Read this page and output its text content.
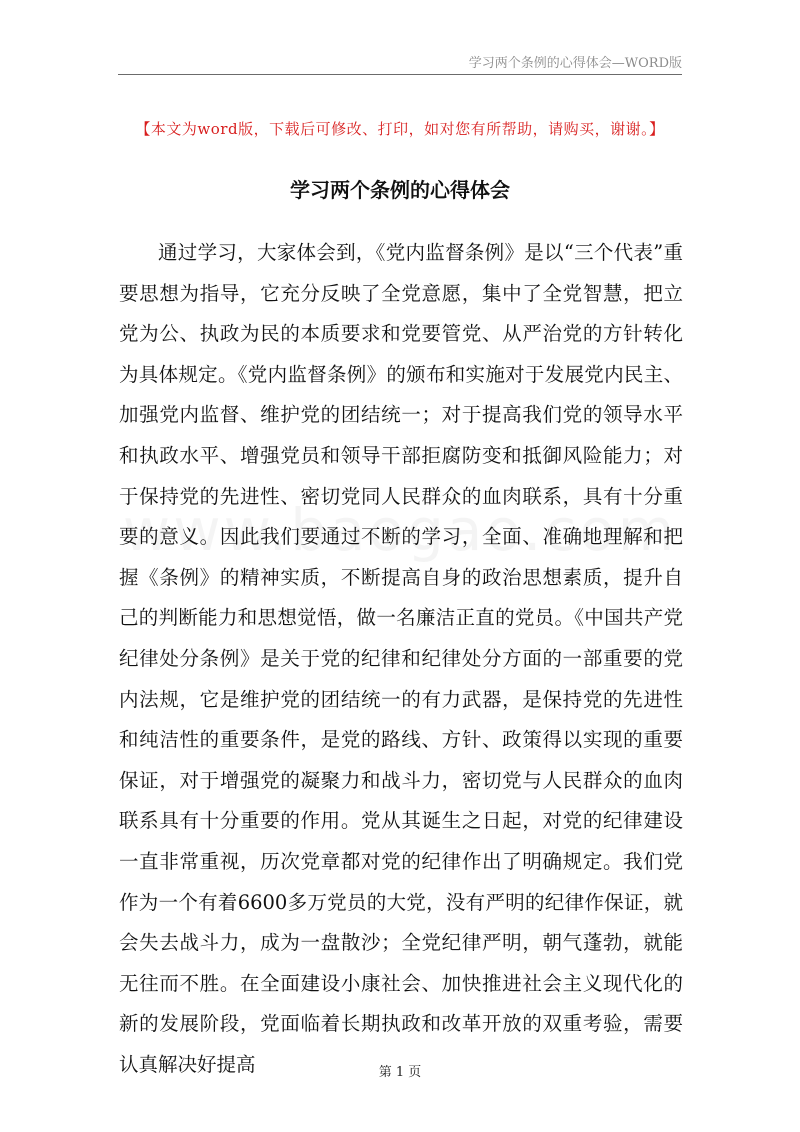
学习两个条例的心得体会—WORD版
【本文为word版，下载后可修改、打印，如对您有所帮助，请购买，谢谢。】
学习两个条例的心得体会

通过学习，大家体会到，《党内监督条例》是以“三个代表”重要思想为指导，它充分反映了全党意愿，集中了全党智慧，把立党为公、执政为民的本质要求和党要管党、从严治党的方针转化为具体规定。《党内监督条例》的颁布和实施对于发展党内民主、加强党内监督、维护党的团结统一；对于提高我们党的领导水平和执政水平、增强党员和领导干部拒腐防变和抵御风险能力；对于保持党的先进性、密切党同人民群众的血肉联系，具有十分重要的意义。因此我们要通过不断的学习，全面、准确地理解和把握《条例》的精神实质，不断提高自身的政治思想素质，提升自己的判断能力和思想觉悟，做一名廉洁正直的党员。《中国共产党纪律处分条例》是关于党的纪律和纪律处分方面的一部重要的党内法规，它是维护党的团结统一的有力武器，是保持党的先进性和纯洁性的重要条件，是党的路线、方针、政策得以实现的重要保证，对于增强党的凝聚力和战斗力，密切党与人民群众的血肉联系具有十分重要的作用。党从其诞生之日起，对党的纪律建设一直非常重视，历次党章都对党的纪律作出了明确规定。我们党作为一个有着6600多万党员的大党，没有严明的纪律作保证，就会失去战斗力，成为一盘散沙；全党纪律严明，朝气蓬勃，就能无往而不胜。在全面建设小康社会、加快推进社会主义现代化的新的发展阶段，党面临着长期执政和改革开放的双重考验，需要认真解决好提高	第 1 页
